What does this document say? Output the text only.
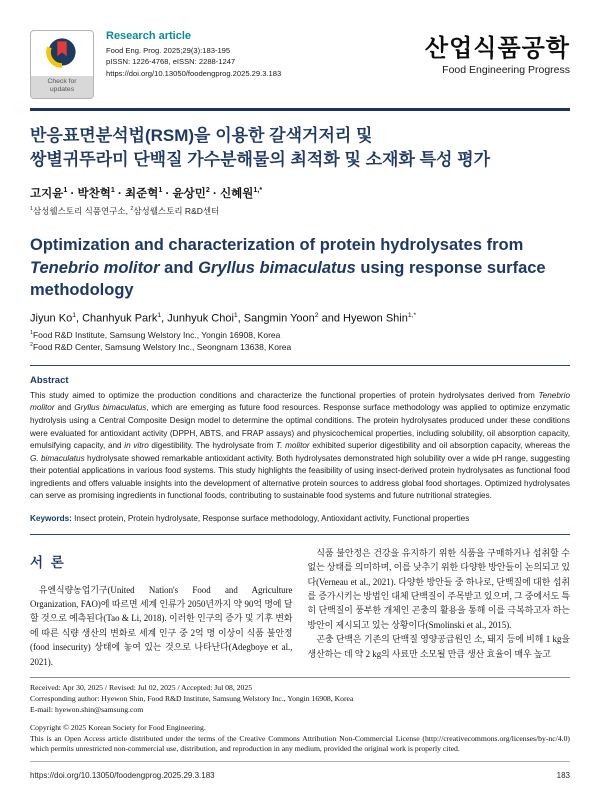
Check for
updates
Research article
Food Eng. Prog. 2025;29(3):183-195
pISSN: 1226-4768, eISSN: 2288-1247
https://doi.org/10.13050/foodengprog.2025.29.3.183
산업식품공학
Food Engineering Progress
반응표면분석법(RSM)을 이용한 갈색거저리 및
쌍별귀뚜라미 단백질 가수분해물의 최적화 및 소재화 특성 평가
고지윤$^1$ · 박찬혁$^1$ · 최준혁$^1$ · 윤상민$^2$ · 신혜원$^{1,*}$
$^1$삼성웰스토리 식품연구소, $^2$삼성웰스토리 R&D센터
Optimization and characterization of protein hydrolysates from Tenebrio molitor and Gryllus bimaculatus using response surface methodology
Jiyun Ko$^1$, Chanhyuk Park$^1$, Junhyuk Choi$^1$, Sangmin Yoon$^2$ and Hyewon Shin$^{1,*}$
$^1$Food R&D Institute, Samsung Welstory Inc., Yongin 16908, Korea
$^2$Food R&D Center, Samsung Welstory Inc., Seongnam 13638, Korea
Abstract
This study aimed to optimize the production conditions and characterize the functional properties of protein hydrolysates derived from Tenebrio molitor and Gryllus bimaculatus, which are emerging as future food resources. Response surface methodology was applied to optimize enzymatic hydrolysis using a Central Composite Design model to determine the optimal conditions. The protein hydrolysates produced under these conditions were evaluated for antioxidant activity (DPPH, ABTS, and FRAP assays) and physicochemical properties, including solubility, oil absorption capacity, emulsifying capacity, and in vitro digestibility. The hydrolysate from T. molitor exhibited superior digestibility and oil absorption capacity, whereas the G. bimaculatus hydrolysate showed remarkable antioxidant activity. Both hydrolysates demonstrated high solubility over a wide pH range, suggesting their potential applications in various food systems. This study highlights the feasibility of using insect-derived protein hydrolysates as functional food ingredients and offers valuable insights into the development of alternative protein sources to address global food shortages. Optimized hydrolysates can serve as promising ingredients in functional foods, contributing to sustainable food systems and future nutritional strategies.
Keywords: Insect protein, Protein hydrolysate, Response surface methodology, Antioxidant activity, Functional properties
서 론

유엔식량농업기구(United Nation's Food and Agriculture Organization, FAO)에 따르면 세계 인류가 2050년까지 약 90억 명에 달할 것으로 예측된다(Tao & Li, 2018). 이러한 인구의 증가 및 기후 변화에 따른 식량 생산의 변화로 세계 인구 중 2억 명 이상이 식품 불안정(food insecurity) 상태에 놓여 있는 것으로 나타난다(Adegboye et al., 2021).

식품 불안정은 건강을 유지하기 위한 식품을 구매하거나 섭취할 수 없는 상태를 의미하며, 이를 낮추기 위한 다양한 방안들이 논의되고 있다(Verneau et al., 2021). 다양한 방안들 중 하나로, 단백질에 대한 섭취를 증가시키는 방법인 대체 단백질이 주목받고 있으며, 그 중에서도 특히 단백질이 풍부한 개체인 곤충의 활용을 통해 이를 극복하고자 하는 방안이 제시되고 있는 상황이다(Smolinski et al., 2015).

곤충 단백은 기존의 단백질 영양공급원인 소, 돼지 등에 비해 1 kg을 생산하는 데 약 2 kg의 사료만 소모될 만큼 생산 효율이 매우 높고

Received: Apr 30, 2025 / Revised: Jul 02, 2025 / Accepted: Jul 08, 2025
Corresponding author: Hyewon Shin, Food R&D Institute, Samsung Welstory Inc., Yongin 16908, Korea
E-mail: hyewon.shin@samsung.com
Copyright © 2025 Korean Society for Food Engineering.
This is an Open Access article distributed under the terms of the Creative Commons Attribution Non-Commercial License (http://creativecommons.org/licenses/by-nc/4.0) which permits unrestricted non-commercial use, distribution, and reproduction in any medium, provided the original work is properly cited.
https://doi.org/10.13050/foodengprog.2025.29.3.183	183
